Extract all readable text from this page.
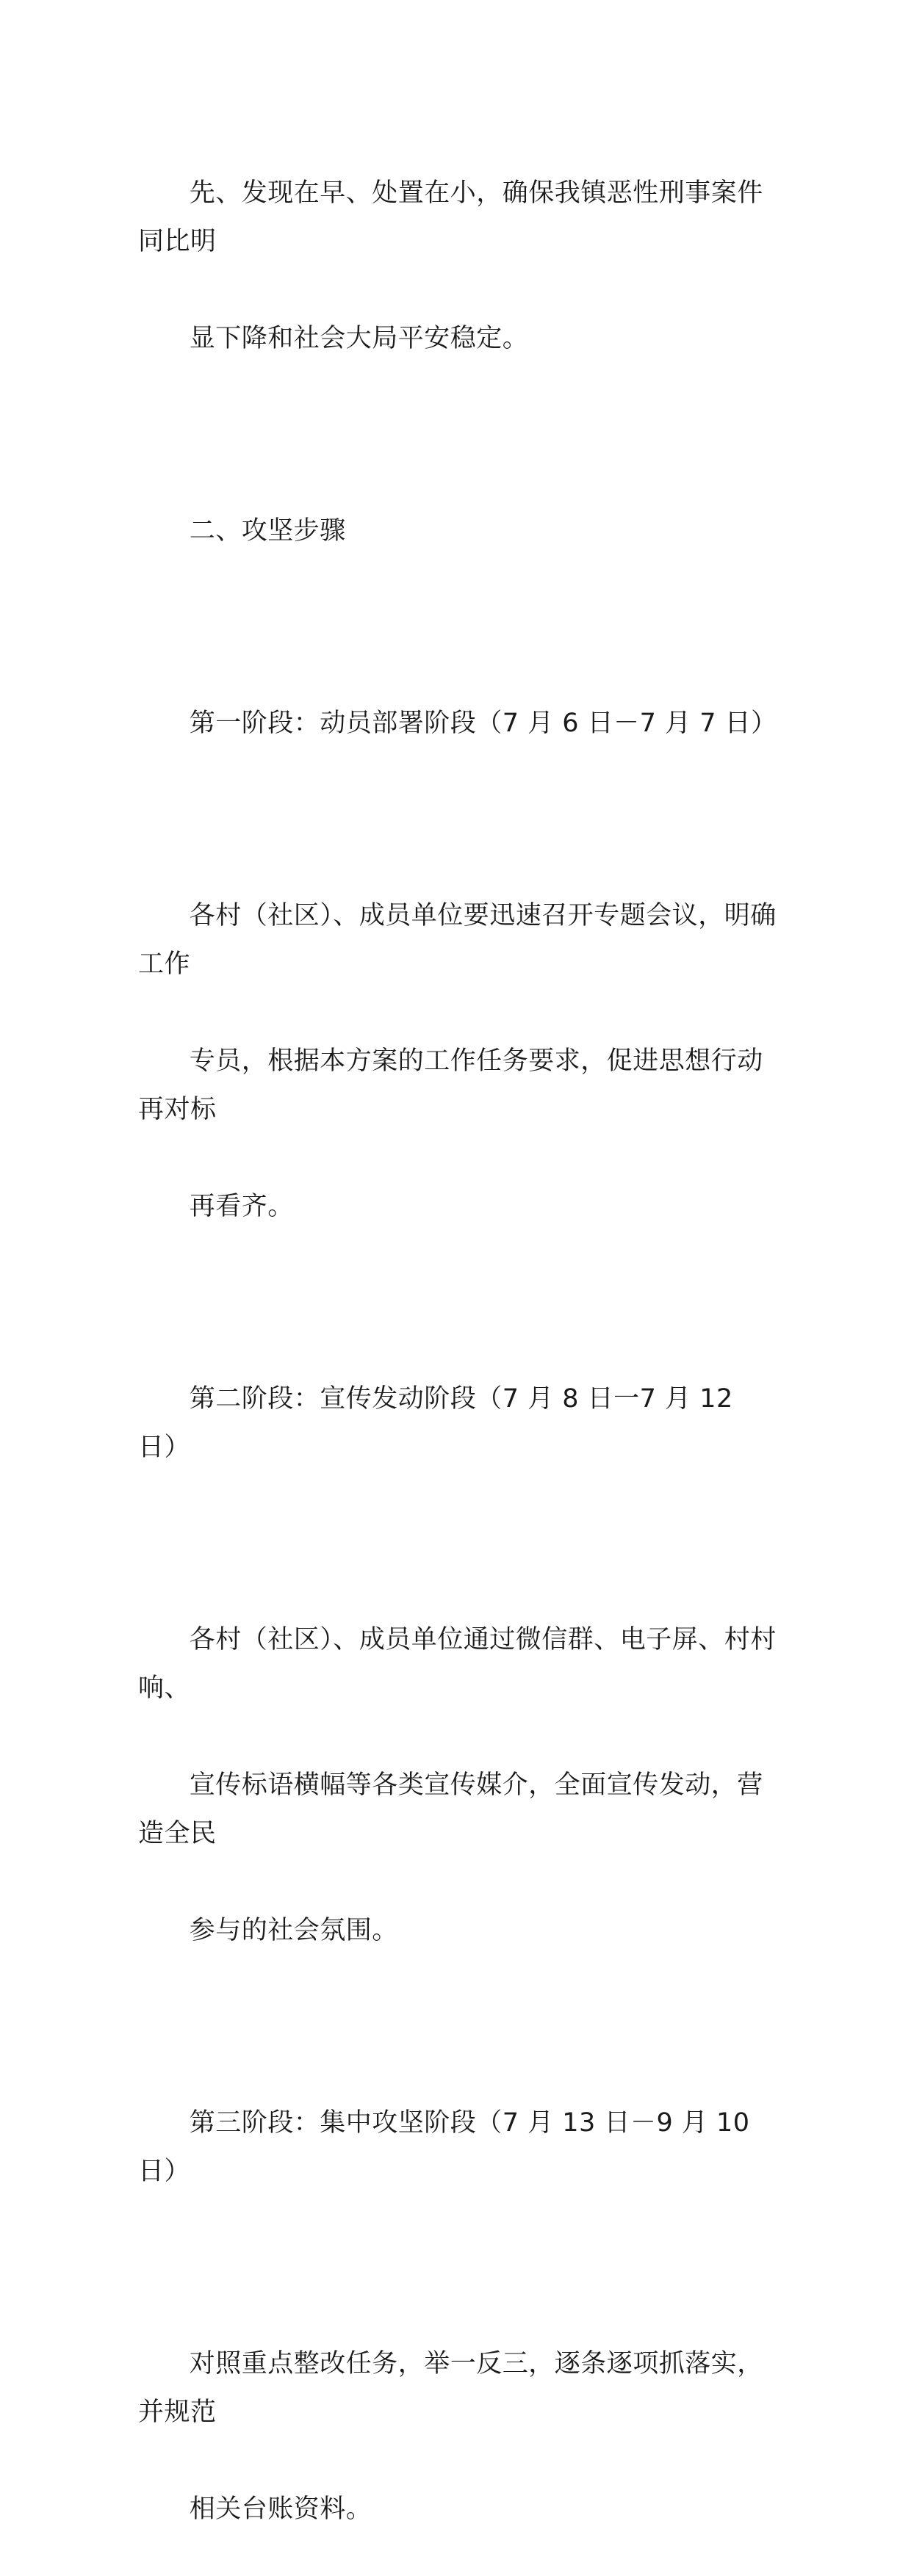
先、发现在早、处置在小，确保我镇恶性刑事案件同比明

显下降和社会大局平安稳定。

二、攻坚步骤

第一阶段：动员部署阶段（7 月 6 日－7 月 7 日）

各村（社区）、成员单位要迅速召开专题会议，明确工作

专员，根据本方案的工作任务要求，促进思想行动再对标

再看齐。

第二阶段：宣传发动阶段（7 月 8 日一7 月 12 日）

各村（社区）、成员单位通过微信群、电子屏、村村响、

宣传标语横幅等各类宣传媒介，全面宣传发动，营造全民

参与的社会氛围。

第三阶段：集中攻坚阶段（7 月 13 日－9 月 10 日）

对照重点整改任务，举一反三，逐条逐项抓落实，并规范

相关台账资料。
